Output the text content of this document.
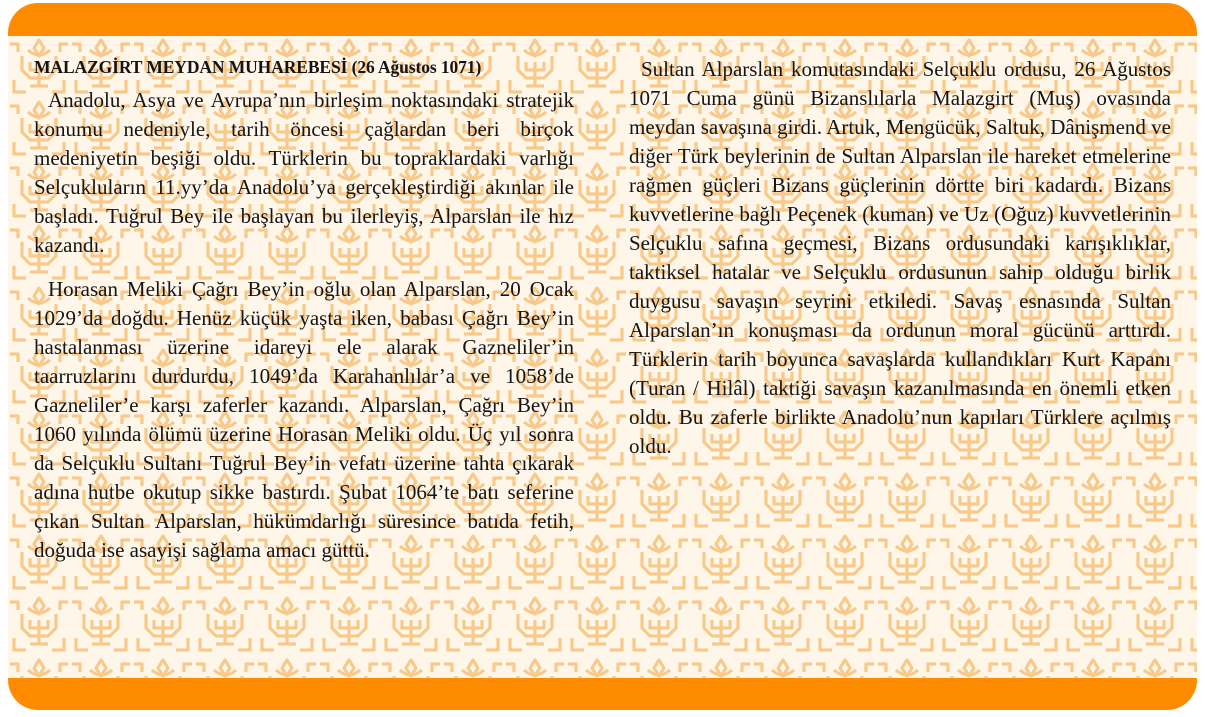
MALAZGİRT MEYDAN MUHAREBESİ (26 Ağustos 1071)

Anadolu, Asya ve Avrupa’nın birleşim noktasındaki stratejik konumu nedeniyle, tarih öncesi çağlardan beri birçok medeniyetin beşiği oldu. Türklerin bu topraklardaki varlığı Selçukluların 11.yy’da Anadolu’ya gerçekleştirdiği akınlar ile başladı. Tuğrul Bey ile başlayan bu ilerleyiş, Alparslan ile hız kazandı.

Horasan Meliki Çağrı Bey’in oğlu olan Alparslan, 20 Ocak 1029’da doğdu. Henüz küçük yaşta iken, babası Çağrı Bey’in hastalanması üzerine idareyi ele alarak Gazneliler’in taarruzlarını durdurdu, 1049’da Karahanlılar’a ve 1058’de Gazneliler’e karşı zaferler kazandı. Alparslan, Çağrı Bey’in 1060 yılında ölümü üzerine Horasan Meliki oldu. Üç yıl sonra da Selçuklu Sultanı Tuğrul Bey’in vefatı üzerine tahta çıkarak adına hutbe okutup sikke bastırdı. Şubat 1064’te batı seferine çıkan Sultan Alparslan, hükümdarlığı süresince batıda fetih, doğuda ise asayişi sağlama amacı güttü.

Sultan Alparslan komutasındaki Selçuklu ordusu, 26 Ağustos 1071 Cuma günü Bizanslılarla Malazgirt (Muş) ovasında meydan savaşına girdi. Artuk, Mengücük, Saltuk, Dânişmend ve diğer Türk beylerinin de Sultan Alparslan ile hareket etmelerine rağmen güçleri Bizans güçlerinin dörtte biri kadardı. Bizans kuvvetlerine bağlı Peçenek (kuman) ve Uz (Oğuz) kuvvetlerinin Selçuklu safına geçmesi, Bizans ordusundaki karışıklıklar, taktiksel hatalar ve Selçuklu ordusunun sahip olduğu birlik duygusu savaşın seyrini etkiledi. Savaş esnasında Sultan Alparslan’ın konuşması da ordunun moral gücünü arttırdı. Türklerin tarih boyunca savaşlarda kullandıkları Kurt Kapanı (Turan / Hilâl) taktiği savaşın kazanılmasında en önemli etken oldu. Bu zaferle birlikte Anadolu’nun kapıları Türklere açılmış oldu.
